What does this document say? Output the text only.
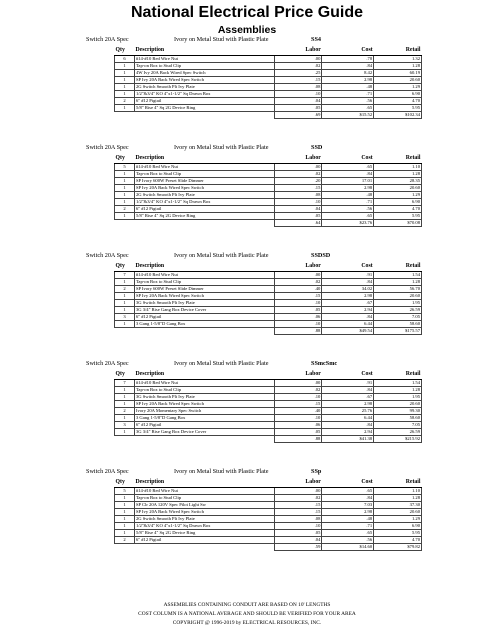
National Electrical Price Guide
Assemblies
Switch 20A Spec	Ivory on Metal Stud with Plastic Plate	SS4
Qty	Description	Labor	Cost	Retail
6	#14-#10 Red Wire Nut	.00	.78	1.32
1	Tap-on Box to Stud Clip	.02	.84	1.28
1	4W Ivy 20A Back Wired Spec Switch	.25	8.42	60.19
1	SP Ivy 20A Back Wired Spec Switch	.15	2.98	20.60
1	2G Switch Smooth Plt Ivy Plate	.08	.48	1.29
1	1/2"&3/4" KO 4"x1-1/2" Sq Drawn Box	.10	.71	6.90
2	6" #12 Pigtail	.04	.56	4.70
1	5/8" Rise 4" Sq 2G Device Ring	.05	.65	5.95
		.69	$15.52	$102.34
Switch 20A Spec	Ivory on Metal Stud with Plastic Plate	SSD
Qty	Description	Labor	Cost	Retail
5	#14-#10 Red Wire Nut	.00	.65	1.10
1	Tap-on Box to Stud Clip	.02	.84	1.28
1	SP Ivory 600W Preset Slide Dimmer	.20	17.01	28.35
1	SP Ivy 20A Back Wired Spec Switch	.15	2.98	20.60
1	2G Switch Smooth Plt Ivy Plate	.08	.48	1.29
1	1/2"&3/4" KO 4"x1-1/2" Sq Drawn Box	.10	.71	6.90
2	6" #12 Pigtail	.04	.56	4.70
1	5/8" Rise 4" Sq 2G Device Ring	.05	.65	5.95
		.64	$23.76	$70.08
Switch 20A Spec	Ivory on Metal Stud with Plastic Plate	SSDSD
Qty	Description	Labor	Cost	Retail
7	#14-#10 Red Wire Nut	.00	.91	1.54
1	Tap-on Box to Stud Clip	.02	.84	1.28
2	SP Ivory 600W Preset Slide Dimmer	.40	34.02	56.70
1	SP Ivy 20A Back Wired Spec Switch	.15	2.98	20.60
1	3G Switch Smooth Plt Ivy Plate	.10	.67	1.95
1	3G 3/4" Rise Gang Box Device Cover	.05	2.94	26.59
3	6" #12 Pigtail	.06	.84	7.05
1	3 Gang 1-5/8"D Gang Box	.10	6.44	58.60
		.88	$49.54	$175.57
Switch 20A Spec	Ivory on Metal Stud with Plastic Plate	SSmcSmc
Qty	Description	Labor	Cost	Retail
7	#14-#10 Red Wire Nut	.00	.91	1.54
1	Tap-on Box to Stud Clip	.02	.84	1.28
1	3G Switch Smooth Plt Ivy Plate	.10	.67	1.95
1	SP Ivy 20A Back Wired Spec Switch	.15	2.98	20.60
2	Ivory 20A Momentary Spec Switch	.40	25.76	99.30
1	3 Gang 1-5/8"D Gang Box	.10	6.44	58.60
3	6" #12 Pigtail	.06	.84	7.05
1	3G 3/4" Rise Gang Box Device Cover	.05	2.94	26.59
		.88	$41.38	$215.92
Switch 20A Spec	Ivory on Metal Stud with Plastic Plate	SSp
Qty	Description	Labor	Cost	Retail
5	#14-#10 Red Wire Nut	.00	.65	1.10
1	Tap-on Box to Stud Clip	.02	.84	1.28
1	SP Clr 20A 120V Spec Pilot Light Sw	.15	7.03	37.30
1	SP Ivy 20A Back Wired Spec Switch	.15	2.98	20.60
1	2G Switch Smooth Plt Ivy Plate	.08	.48	1.29
1	1/2"&3/4" KO 4"x1-1/2" Sq Drawn Box	.10	.71	6.90
1	5/8" Rise 4" Sq 2G Device Ring	.05	.65	5.95
2	6" #12 Pigtail	.04	.56	4.70
		.59	$14.60	$79.82
ASSEMBLIES CONTAINING CONDUIT ARE BASED ON 10' LENGTHS
COST COLUMN IS A NATIONAL AVERAGE AND SHOULD BE VERIFIED FOR YOUR AREA
COPYRIGHT @ 1996-2019 by ELECTRICAL RESOURCES, INC.
